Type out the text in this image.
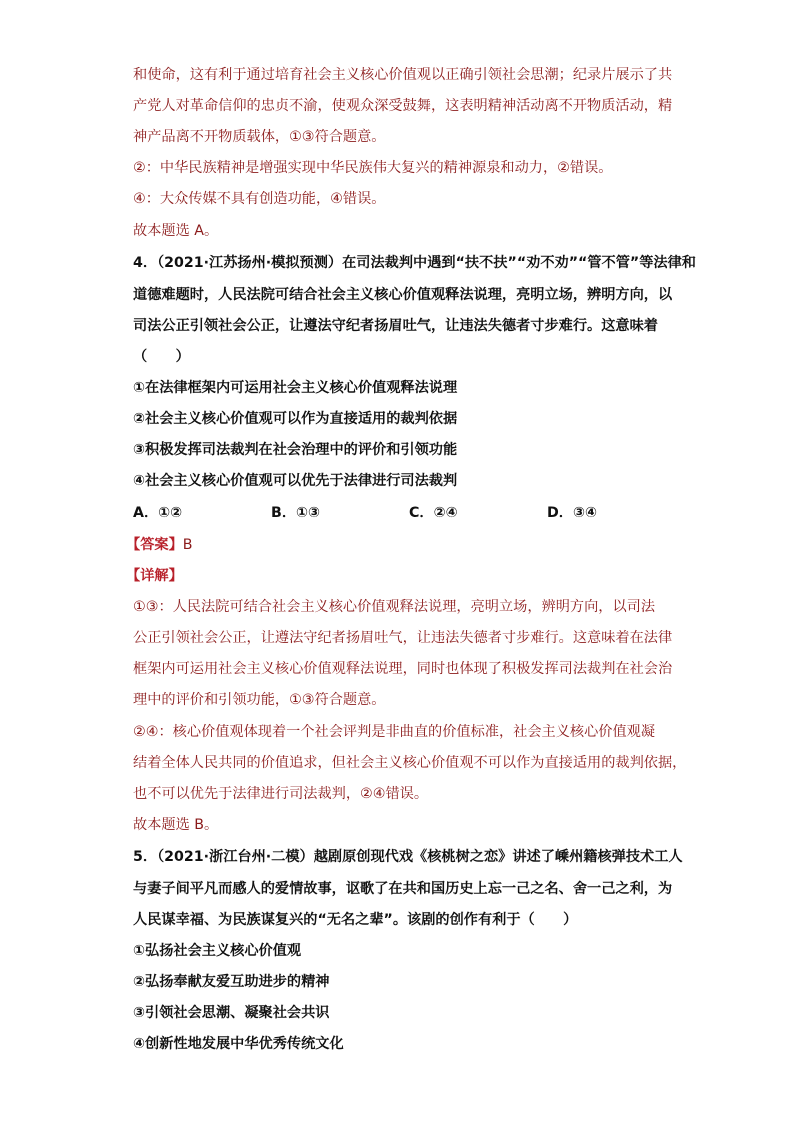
和使命，这有利于通过培育社会主义核心价值观以正确引领社会思潮；纪录片展示了共
产党人对革命信仰的忠贞不渝，使观众深受鼓舞，这表明精神活动离不开物质活动，精
神产品离不开物质载体，①③符合题意。
②：中华民族精神是增强实现中华民族伟大复兴的精神源泉和动力，②错误。
④：大众传媒不具有创造功能，④错误。
故本题选 A。
4．（2021·江苏扬州·模拟预测）在司法裁判中遇到“扶不扶”“劝不劝”“管不管”等法律和
道德难题时，人民法院可结合社会主义核心价值观释法说理，亮明立场，辨明方向，以
司法公正引领社会公正，让遵法守纪者扬眉吐气，让违法失德者寸步难行。这意味着
（　　）
①在法律框架内可运用社会主义核心价值观释法说理
②社会主义核心价值观可以作为直接适用的裁判依据
③积极发挥司法裁判在社会治理中的评价和引领功能
④社会主义核心价值观可以优先于法律进行司法裁判
A．①②	B．①③	C．②④	D．③④
【答案】B
【详解】
①③：人民法院可结合社会主义核心价值观释法说理，亮明立场，辨明方向，以司法
公正引领社会公正，让遵法守纪者扬眉吐气，让违法失德者寸步难行。这意味着在法律
框架内可运用社会主义核心价值观释法说理，同时也体现了积极发挥司法裁判在社会治
理中的评价和引领功能，①③符合题意。
②④：核心价值观体现着一个社会评判是非曲直的价值标准，社会主义核心价值观凝
结着全体人民共同的价值追求，但社会主义核心价值观不可以作为直接适用的裁判依据，
也不可以优先于法律进行司法裁判，②④错误。
故本题选 B。
5．（2021·浙江台州·二模）越剧原创现代戏《核桃树之恋》讲述了嵊州籍核弹技术工人
与妻子间平凡而感人的爱情故事，讴歌了在共和国历史上忘一己之名、舍一己之利，为
人民谋幸福、为民族谋复兴的“无名之辈”。该剧的创作有利于（　　）
①弘扬社会主义核心价值观
②弘扬奉献友爱互助进步的精神
③引领社会思潮、凝聚社会共识
④创新性地发展中华优秀传统文化
